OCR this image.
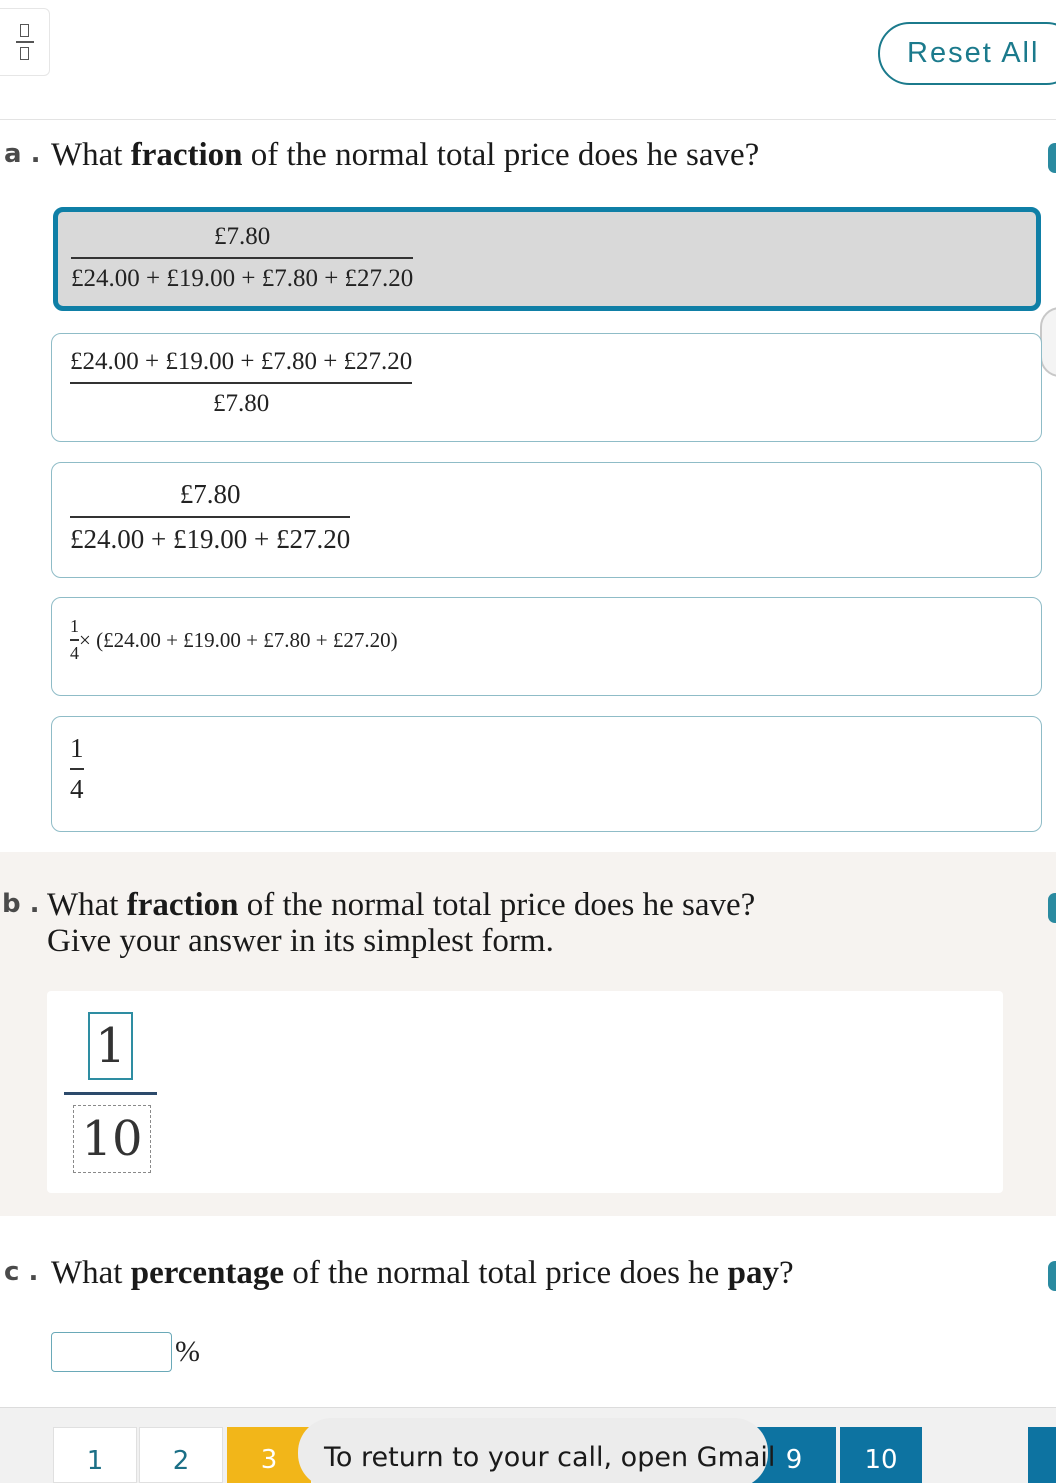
Reset All
a . What fraction of the normal total price does he save?
$\frac{£7.80}{£24.00 + £19.00 + £7.80 + £27.20}$
$\frac{£24.00 + £19.00 + £7.80 + £27.20}{£7.80}$
$\frac{£7.80}{£24.00 + £19.00 + £27.20}$
$\frac{1}{4}$ × (£24.00 + £19.00 + £7.80 + £27.20)
$\frac{1}{4}$
b . What fraction of the normal total price does he save?
Give your answer in its simplest form.
1
10
c . What percentage of the normal total price does he pay?
%
1	2	3	9	10
To return to your call, open Gmail
